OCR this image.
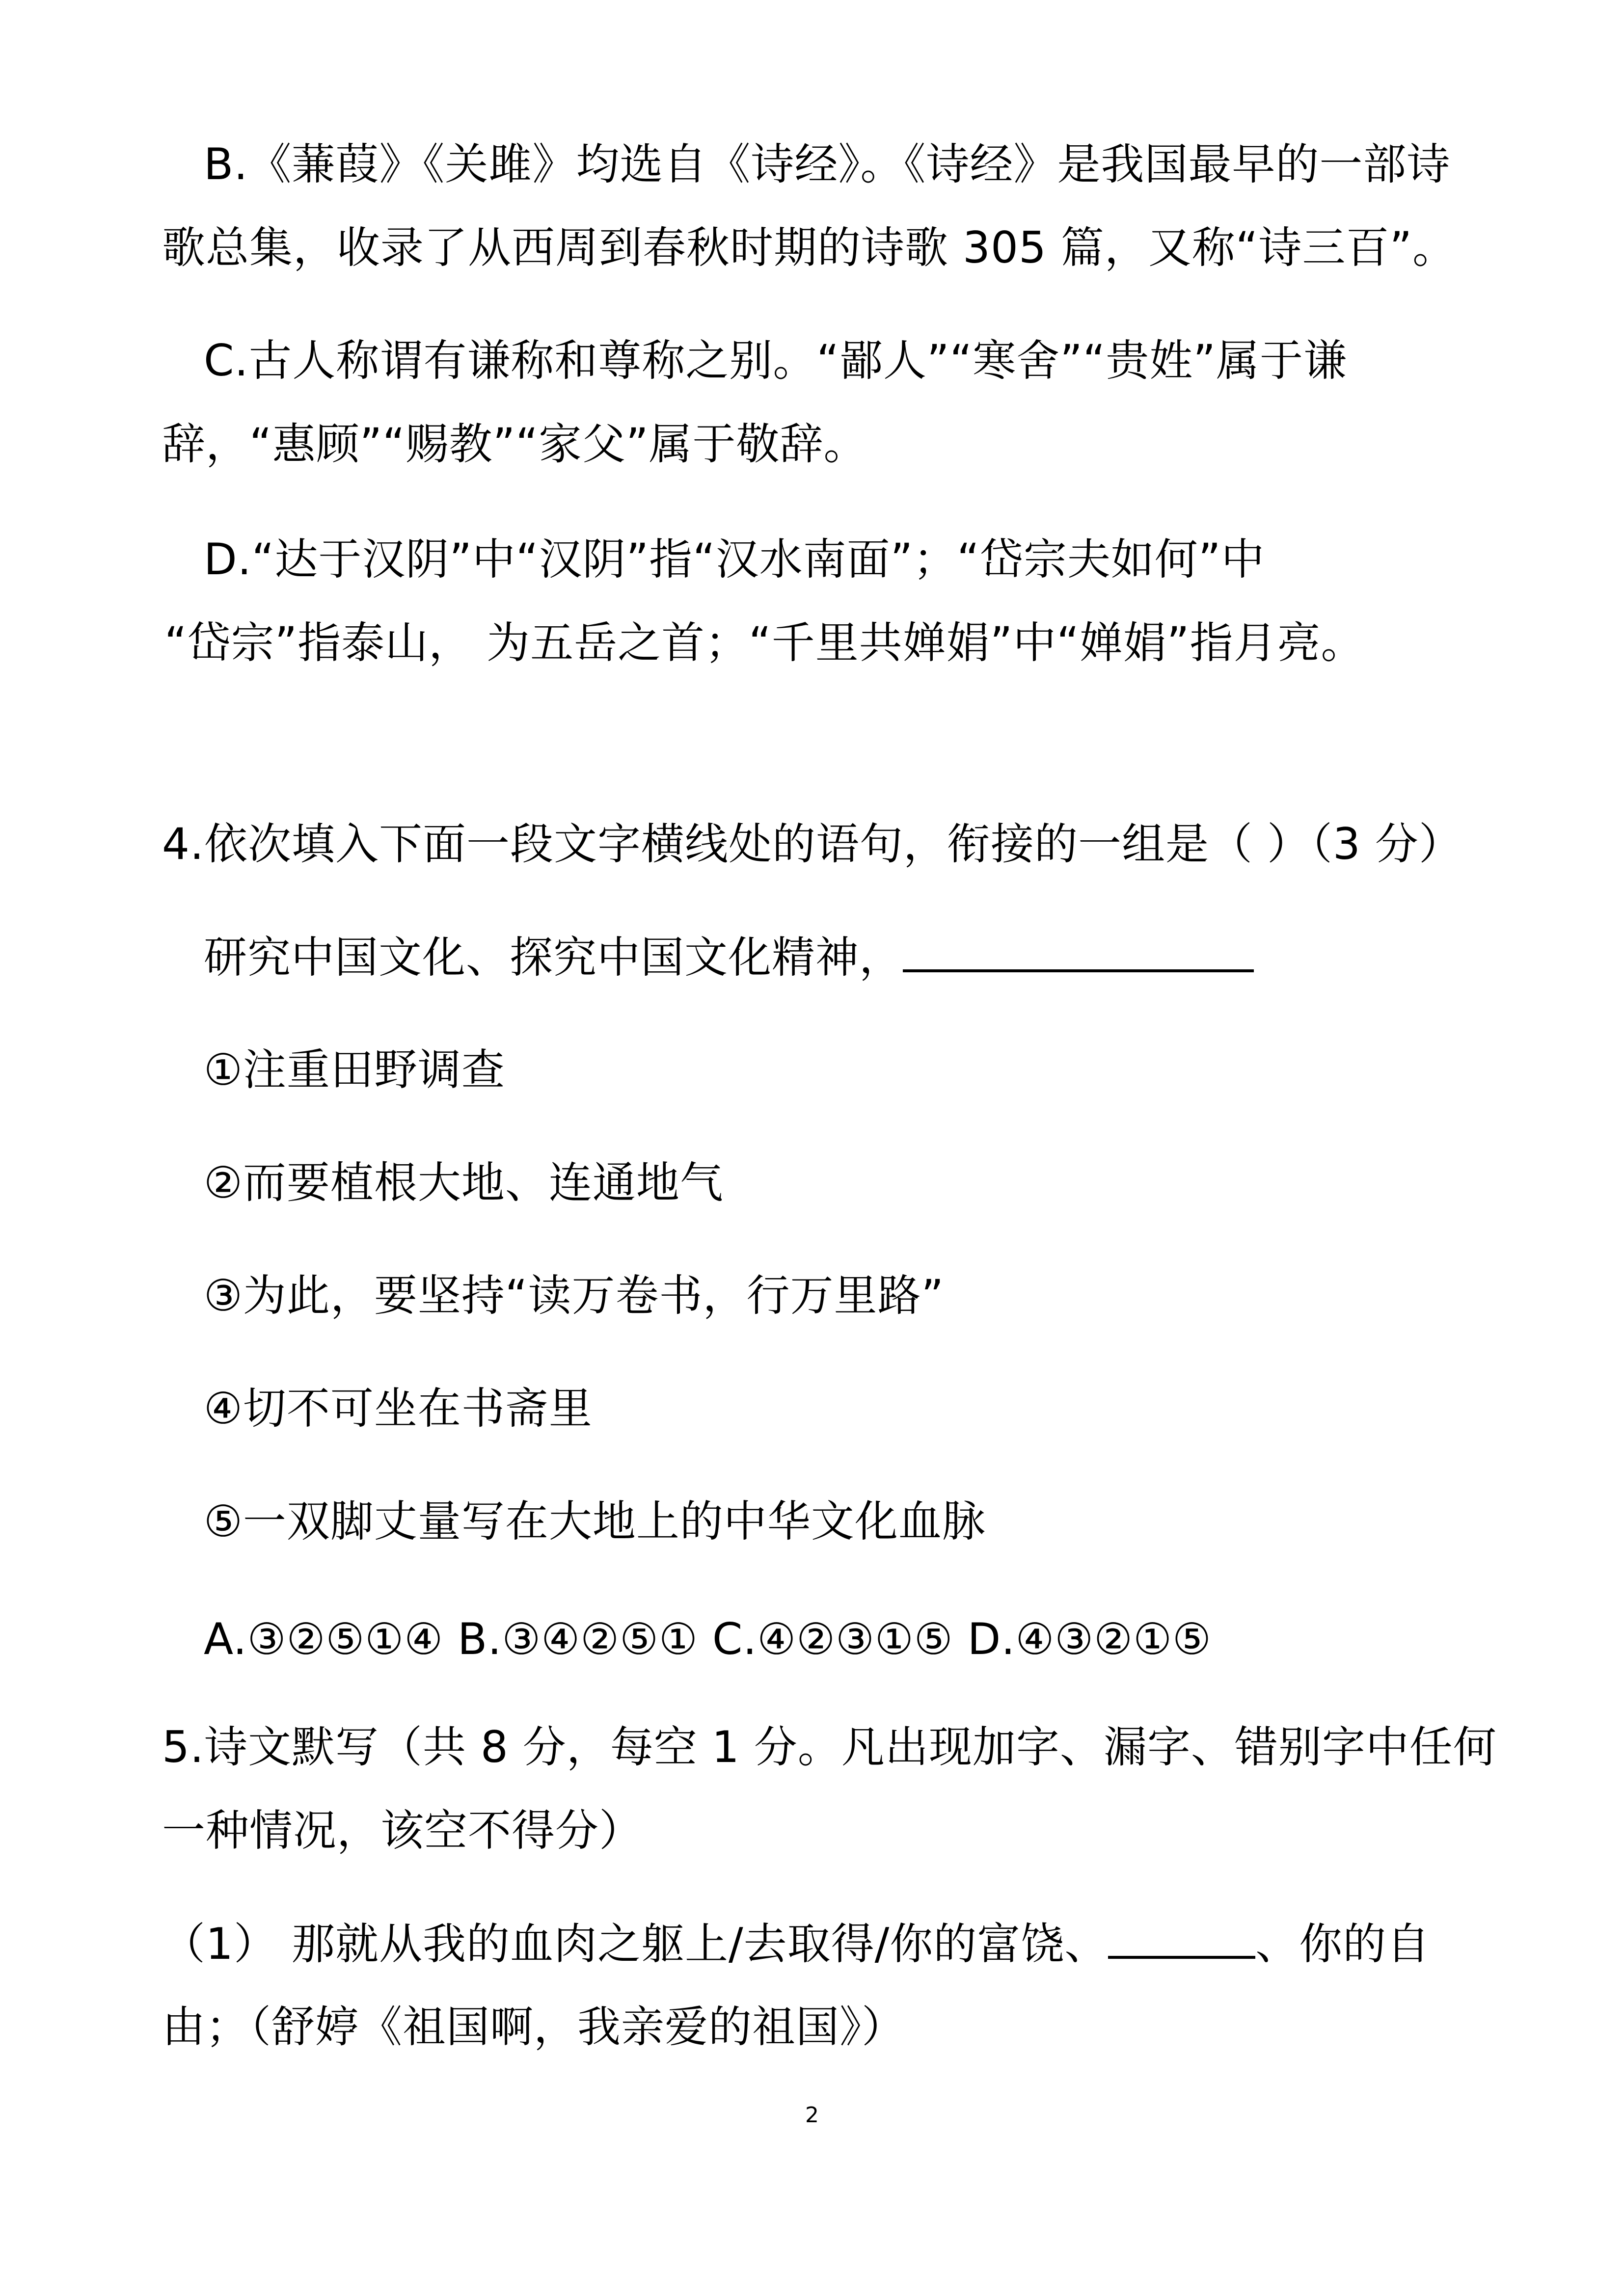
B.《蒹葭》《关雎》均选自《诗经》。《诗经》是我国最早的一部诗
歌总集，收录了从西周到春秋时期的诗歌 305 篇，又称“诗三百”。
C.古人称谓有谦称和尊称之别。“鄙人”“寒舍”“贵姓”属于谦
辞，“惠顾”“赐教”“家父”属于敬辞。
D.“达于汉阴”中“汉阴”指“汉水南面”；“岱宗夫如何”中
“岱宗”指泰山， 为五岳之首；“千里共婵娟”中“婵娟”指月亮。
4.依次填入下面一段文字横线处的语句，衔接的一组是（ ）（3 分）
研究中国文化、探究中国文化精神，
①注重田野调查
②而要植根大地、连通地气
③为此，要坚持“读万卷书，行万里路”
④切不可坐在书斋里
⑤一双脚丈量写在大地上的中华文化血脉
A.③②⑤①④ B.③④②⑤① C.④②③①⑤ D.④③②①⑤
5.诗文默写（共 8 分，每空 1 分。凡出现加字、漏字、错别字中任何
一种情况，该空不得分）
（1） 那就从我的血肉之躯上/去取得/你的富饶、	、你的自
由；（舒婷《祖国啊，我亲爱的祖国》）
2
